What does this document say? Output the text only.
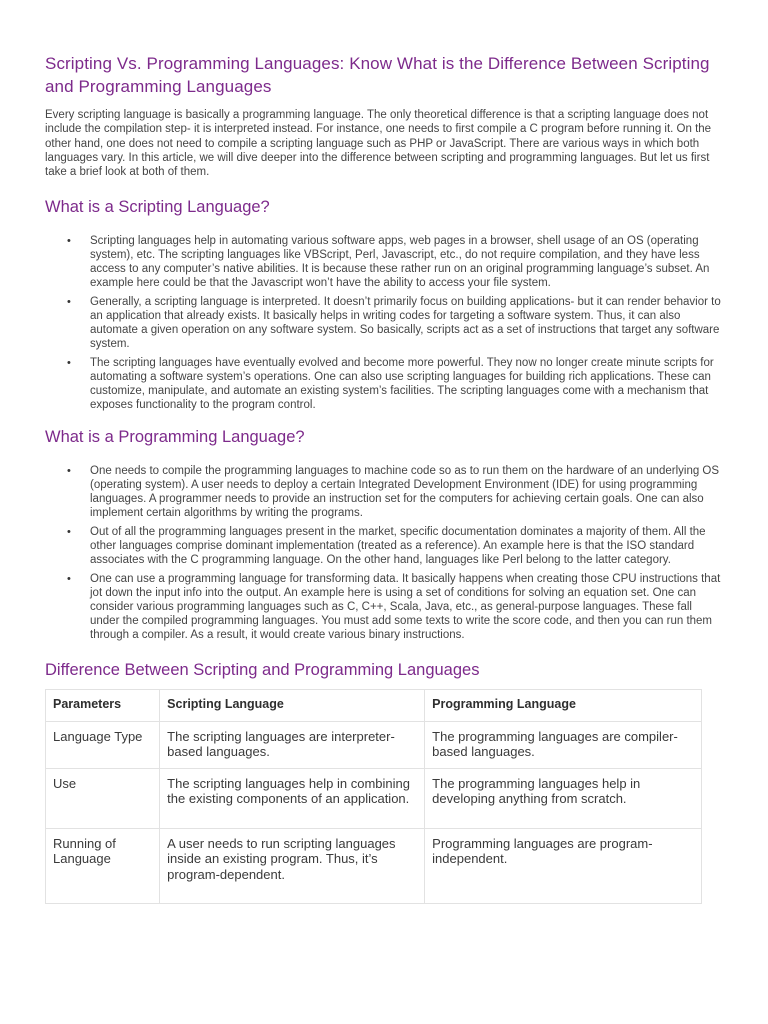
Scripting Vs. Programming Languages: Know What is the Difference Between Scripting and Programming Languages

Every scripting language is basically a programming language. The only theoretical difference is that a scripting language does not include the compilation step- it is interpreted instead. For instance, one needs to first compile a C program before running it. On the other hand, one does not need to compile a scripting language such as PHP or JavaScript. There are various ways in which both languages vary. In this article, we will dive deeper into the difference between scripting and programming languages. But let us first take a brief look at both of them.

What is a Scripting Language?
• Scripting languages help in automating various software apps, web pages in a browser, shell usage of an OS (operating system), etc. The scripting languages like VBScript, Perl, Javascript, etc., do not require compilation, and they have less access to any computer’s native abilities. It is because these rather run on an original programming language’s subset. An example here could be that the Javascript won’t have the ability to access your file system.
• Generally, a scripting language is interpreted. It doesn’t primarily focus on building applications- but it can render behavior to an application that already exists. It basically helps in writing codes for targeting a software system. Thus, it can also automate a given operation on any software system. So basically, scripts act as a set of instructions that target any software system.
• The scripting languages have eventually evolved and become more powerful. They now no longer create minute scripts for automating a software system’s operations. One can also use scripting languages for building rich applications. These can customize, manipulate, and automate an existing system’s facilities. The scripting languages come with a mechanism that exposes functionality to the program control.
What is a Programming Language?
• One needs to compile the programming languages to machine code so as to run them on the hardware of an underlying OS (operating system). A user needs to deploy a certain Integrated Development Environment (IDE) for using programming languages. A programmer needs to provide an instruction set for the computers for achieving certain goals. One can also implement certain algorithms by writing the programs.
• Out of all the programming languages present in the market, specific documentation dominates a majority of them. All the other languages comprise dominant implementation (treated as a reference). An example here is that the ISO standard associates with the C programming language. On the other hand, languages like Perl belong to the latter category.
• One can use a programming language for transforming data. It basically happens when creating those CPU instructions that jot down the input info into the output. An example here is using a set of conditions for solving an equation set. One can consider various programming languages such as C, C++, Scala, Java, etc., as general-purpose languages. These fall under the compiled programming languages. You must add some texts to write the score code, and then you can run them through a compiler. As a result, it would create various binary instructions.
Difference Between Scripting and Programming Languages
Parameters	Scripting Language	Programming Language
Language Type	The scripting languages are interpreter-based languages.	The programming languages are compiler-based languages.
Use	The scripting languages help in combining the existing components of an application.	The programming languages help in developing anything from scratch.
Running of Language	A user needs to run scripting languages inside an existing program. Thus, it’s program-dependent.	Programming languages are program-independent.
